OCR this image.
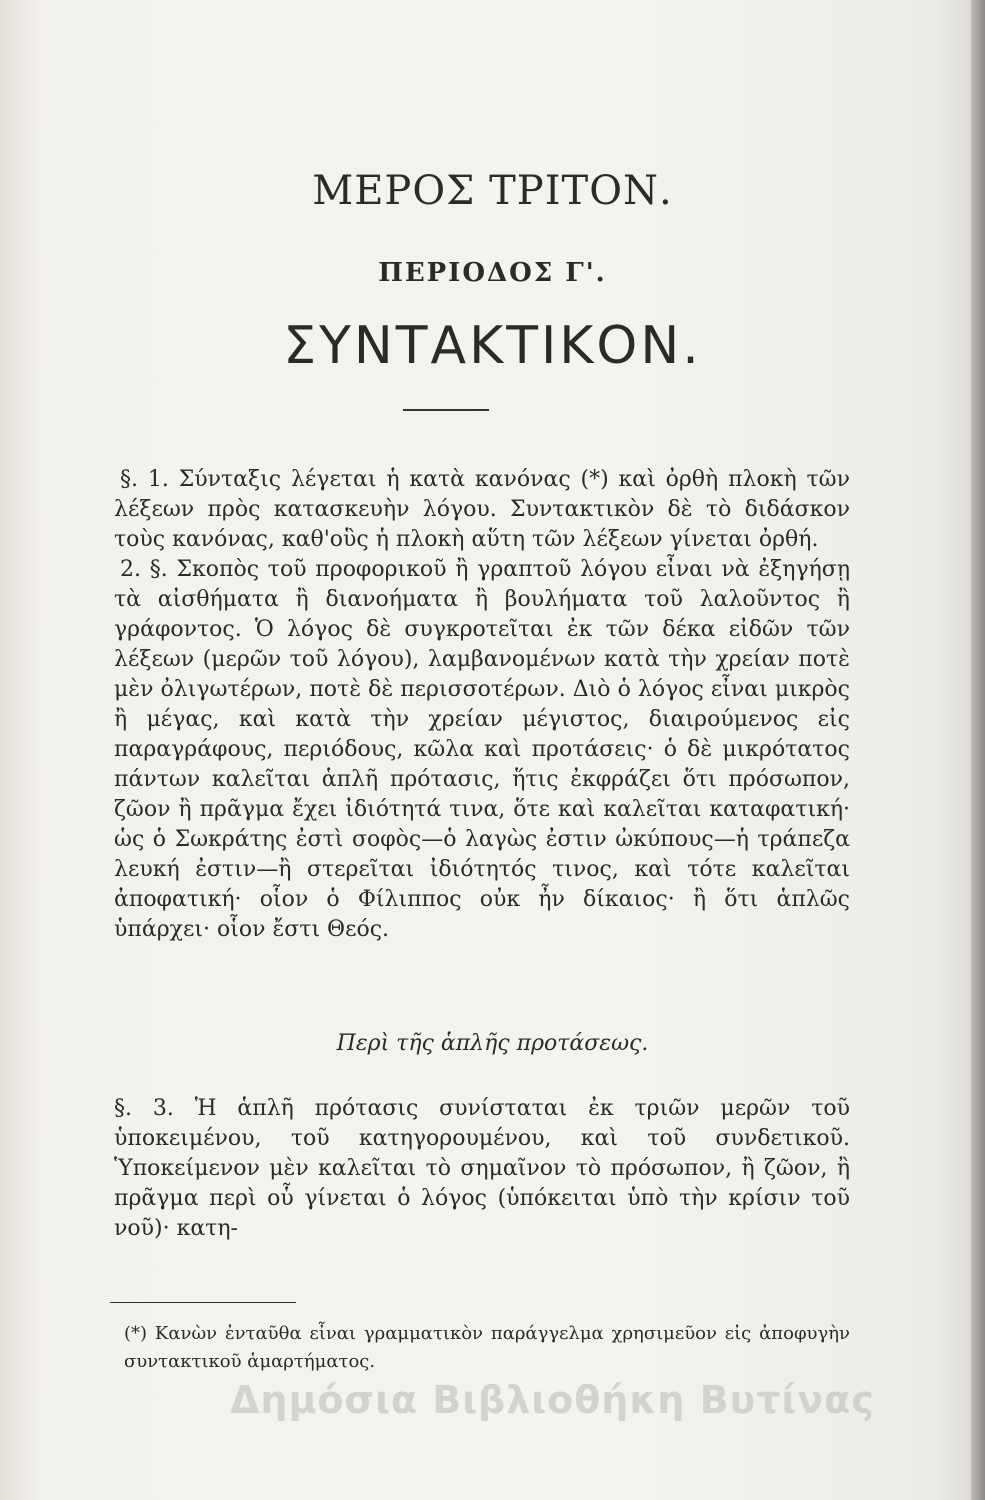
ΜΕΡΟΣ ΤΡΙΤΟΝ.
ΠΕΡΙΟΔΟΣ Γ'.
ΣΥΝΤΑΚΤΙΚΟΝ.

§. 1. Σύνταξις λέγεται ἡ κατὰ κανόνας (*) καὶ ὀρθὴ πλοκὴ τῶν λέξεων πρὸς κατασκευὴν λόγου. Συντακτικὸν δὲ τὸ διδάσκον τοὺς κανόνας, καθ'οὓς ἡ πλοκὴ αὕτη τῶν λέξεων γίνεται ὀρθή.

2. §. Σκοπὸς τοῦ προφορικοῦ ἢ γραπτοῦ λόγου εἶναι νὰ ἐξηγήσῃ τὰ αἰσθήματα ἢ διανοήματα ἢ βουλήματα τοῦ λαλοῦντος ἢ γράφοντος. Ὁ λόγος δὲ συγκροτεῖται ἐκ τῶν δέκα εἰδῶν τῶν λέξεων (μερῶν τοῦ λόγου), λαμβανομένων κατὰ τὴν χρείαν ποτὲ μὲν ὀλιγωτέρων, ποτὲ δὲ περισσοτέρων. Διὸ ὁ λόγος εἶναι μικρὸς ἢ μέγας, καὶ κατὰ τὴν χρείαν μέγιστος, διαιρούμενος εἰς παραγράφους, περιόδους, κῶλα καὶ προτάσεις· ὁ δὲ μικρότατος πάντων καλεῖται ἁπλῆ πρότασις, ἥτις ἐκφράζει ὅτι πρόσωπον, ζῶον ἢ πρᾶγμα ἔχει ἰδιότητά τινα, ὅτε καὶ καλεῖται καταφατική· ὡς ὁ Σωκράτης ἐστὶ σοφὸς—ὁ λαγὼς ἐστιν ὠκύπους—ἡ τράπεζα λευκή ἐστιν—ἢ στερεῖται ἰδιότητός τινος, καὶ τότε καλεῖται ἀποφατική· οἷον ὁ Φίλιππος οὐκ ἦν δίκαιος· ἢ ὅτι ἁπλῶς ὑπάρχει· οἷον ἔστι Θεός.

Περὶ τῆς ἁπλῆς προτάσεως.
§. 3. Ἡ ἁπλῆ πρότασις συνίσταται ἐκ τριῶν μερῶν τοῦ ὑποκειμένου, τοῦ κατηγορουμένου, καὶ τοῦ συνδετικοῦ. Ὑποκείμενον μὲν καλεῖται τὸ σημαῖνον τὸ πρόσωπον, ἢ ζῶον, ἢ πρᾶγμα περὶ οὗ γίνεται ὁ λόγος (ὑπόκειται ὑπὸ τὴν κρίσιν τοῦ νοῦ)· κατη-
(*) Κανὼν ἐνταῦθα εἶναι γραμματικὸν παράγγελμα χρησιμεῦον εἰς ἀποφυγὴν συντακτικοῦ ἁμαρτήματος.
Δημόσια Βιβλιοθήκη Βυτίνας
